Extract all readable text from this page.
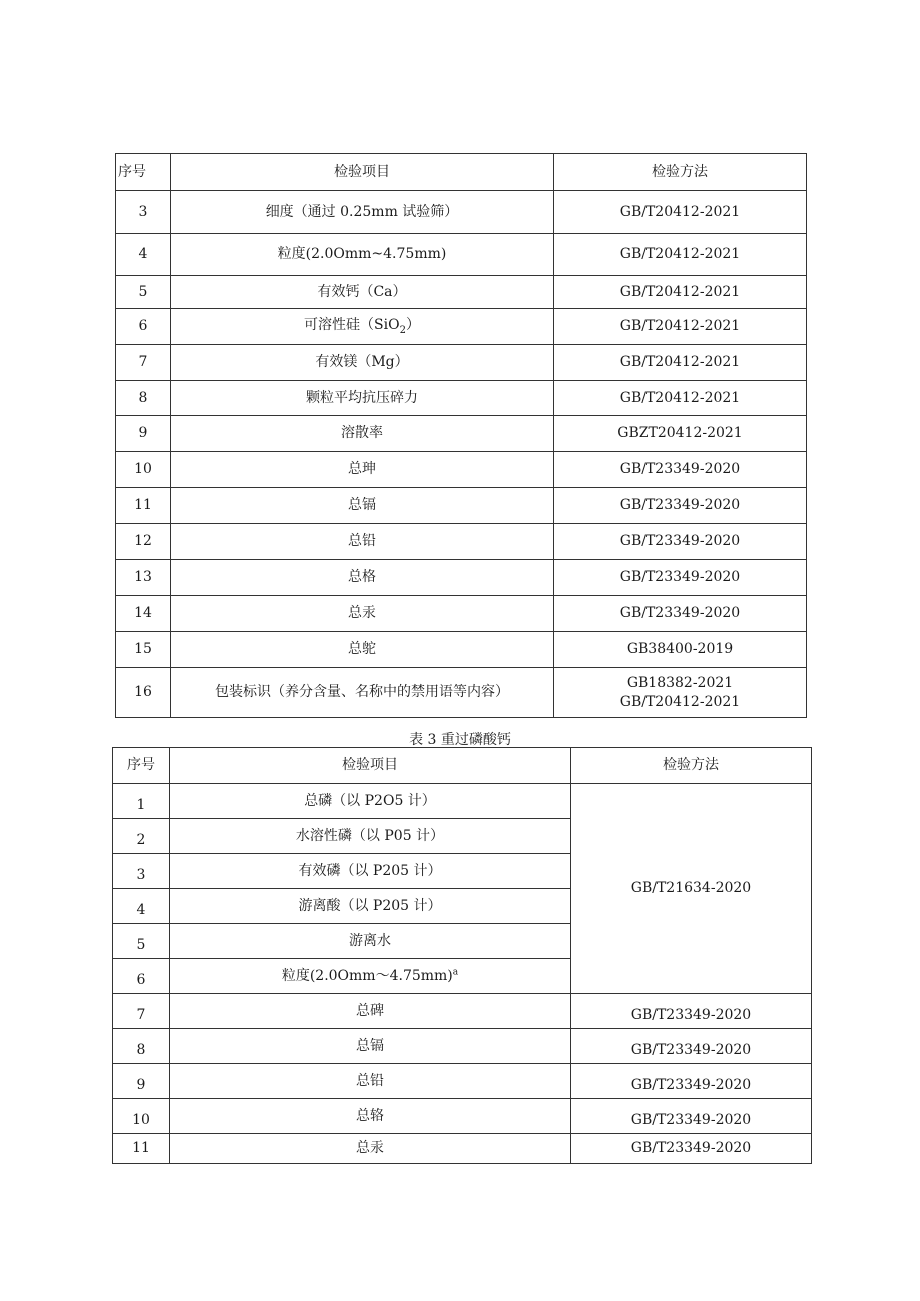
序号	检验项目	检验方法
3	细度（通过 0.25mm 试验筛）	GB/T20412-2021
4	粒度(2.0Omm~4.75mm)	GB/T20412-2021
5	有效钙（Ca）	GB/T20412-2021
6	可溶性硅（SiO$_2$）	GB/T20412-2021
7	有效镁（Mg）	GB/T20412-2021
8	颗粒平均抗压碎力	GB/T20412-2021
9	溶散率	GBZT20412-2021
10	总珅	GB/T23349-2020
11	总镉	GB/T23349-2020
12	总铅	GB/T23349-2020
13	总格	GB/T23349-2020
14	总汞	GB/T23349-2020
15	总鸵	GB38400-2019
16	包装标识（养分含量、名称中的禁用语等内容）	GB18382-2021
GB/T20412-2021
表 3 重过磷酸钙
序号	检验项目	检验方法
1	总磷（以 P2O5 计）	GB/T21634-2020
2	水溶性磷（以 P05 计）	
3	有效磷（以 P205 计）	
4	游离酸（以 P205 计）	
5	游离水	
6	粒度(2.0Omm～4.75mm)$^a$
7	总碑	GB/T23349-2020
8	总镉	GB/T23349-2020
9	总铅	GB/T23349-2020
10	总辂	GB/T23349-2020
11	总汞	GB/T23349-2020
